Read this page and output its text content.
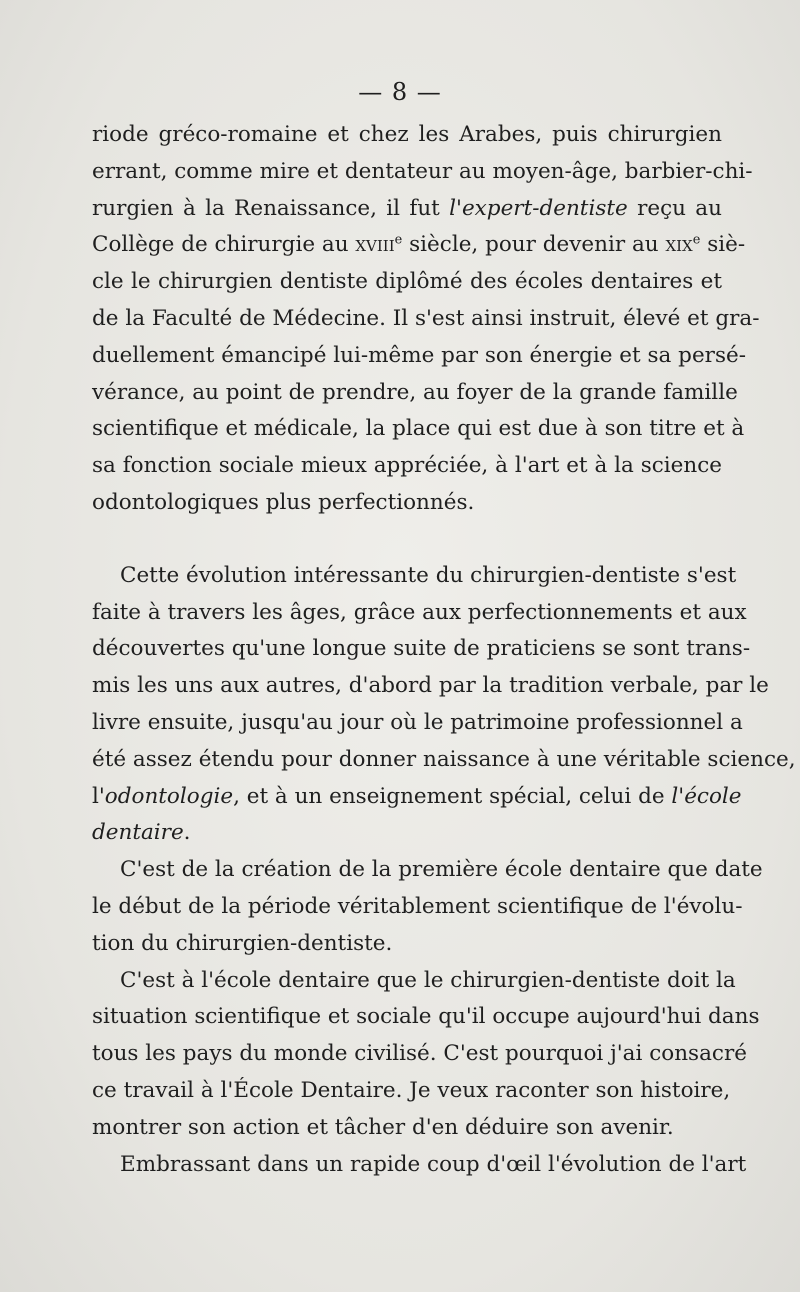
— 8 —
riode gréco-romaine et chez les Arabes, puis chirurgien
errant, comme mire et dentateur au moyen-âge, barbier-chi-
rurgien à la Renaissance, il fut l'expert-dentiste reçu au
Collège de chirurgie au xviii$^e$ siècle, pour devenir au xix$^e$ siè-
cle le chirurgien dentiste diplômé des écoles dentaires et
de la Faculté de Médecine. Il s'est ainsi instruit, élevé et gra-
duellement émancipé lui-même par son énergie et sa persé-
vérance, au point de prendre, au foyer de la grande famille
scientifique et médicale, la place qui est due à son titre et à
sa fonction sociale mieux appréciée, à l'art et à la science
odontologiques plus perfectionnés.
Cette évolution intéressante du chirurgien-dentiste s'est
faite à travers les âges, grâce aux perfectionnements et aux
découvertes qu'une longue suite de praticiens se sont trans-
mis les uns aux autres, d'abord par la tradition verbale, par le
livre ensuite, jusqu'au jour où le patrimoine professionnel a
été assez étendu pour donner naissance à une véritable science,
l'odontologie, et à un enseignement spécial, celui de l'école
dentaire.
C'est de la création de la première école dentaire que date
le début de la période véritablement scientifique de l'évolu-
tion du chirurgien-dentiste.
C'est à l'école dentaire que le chirurgien-dentiste doit la
situation scientifique et sociale qu'il occupe aujourd'hui dans
tous les pays du monde civilisé. C'est pourquoi j'ai consacré
ce travail à l'École Dentaire. Je veux raconter son histoire,
montrer son action et tâcher d'en déduire son avenir.
Embrassant dans un rapide coup d'œil l'évolution de l'art
